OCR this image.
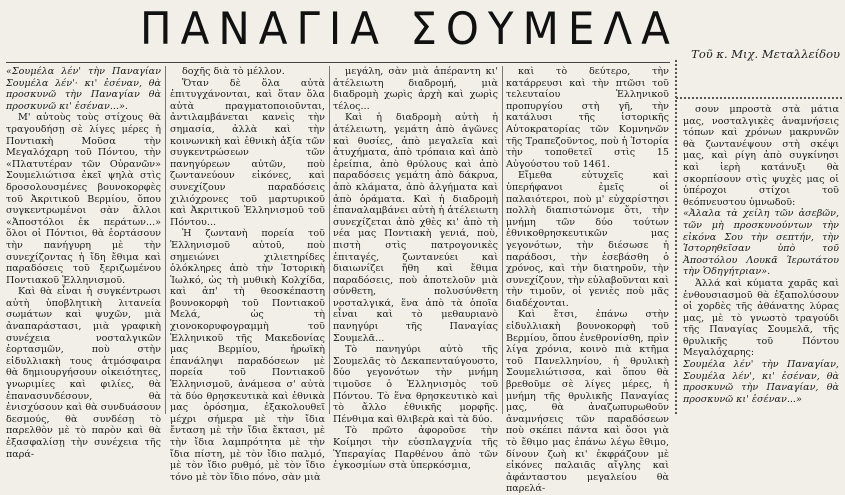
ΠΑΝΑΓΙΑ ΣΟΥΜΕΛΑ Τοῦ κ. Μιχ. Μεταλλείδου

«Σουμέλα λέν' τὴν Παναγίαν Σουμέλα λέν'· κι' ἐσέναν, θὰ προσκυνῶ τὴν Παναγίαν θὰ προσκυνῶ κι' ἐσέναν...».

Μ' αὐτοὺς τοὺς στίχους θὰ τραγουδήσῃ σὲ λίγες μέρες ἡ Ποντιακὴ Μοῦσα τὴν Μεγαλόχαρη τοῦ Πόντου, τὴν «Πλατυτέραν τῶν Οὐρανῶν» Σουμελιώτισα ἐκεῖ ψηλὰ στὶς δροσολουσμένες βουνοκορφὲς τοῦ Ἀκριτικοῦ Βερμίου, ὅπου συγκεντρωμένοι σὰν ἄλλοι «Ἀποστόλοι ἐκ περάτων...» ὅλοι οἱ Πόντιοι, θὰ ἑορτάσουν τὴν πανήγυρη μὲ τὴν συνεχίζοντας ἡ ἴδη ἔθιμα καὶ παραδόσεις τοῦ ξεριζωμένου Ποντιακοῦ Ἑλληνισμοῦ.

Καὶ θὰ εἶναι ἡ συγκέντρωσι αὐτὴ ὑποβλητικὴ λιτανεία σωμάτων καὶ ψυχῶν, μιὰ ἀναπαράστασι, μιὰ γραφικὴ συνέχεια νοσταλγικῶν ἑορτασμῶν, ποὺ στὴν εἰδυλλιακὴ τους ἀτμόσφαιρα θὰ δημιουργήσουν οἰκειότητες, γνωριμίες καὶ φιλίες, θὰ ἐπανασυνδέσουν, θὰ ἐνισχύσουν καὶ θὰ συνδυάσουν δεσμούς, θὰ συνδέσῃ τὸ παρελθὸν μὲ τὸ παρὸν καὶ θὰ ἐξασφαλίσῃ τὴν συνέχεια τῆς παρά-

δοχῆς διὰ τὸ μέλλον.

Ὅταν δὲ ὅλα αὐτὰ ἐπιτυγχάνονται, καὶ ὅταν ὅλα αὐτὰ πραγματοποιοῦνται, ἀντιλαμβάνεται κανεὶς τὴν σημασία, ἀλλὰ καὶ τὴν κοινωνικὴ καὶ ἐθνικὴ ἀξία τῶν συγκεντρώσεων τῶν πανηγύρεων αὐτῶν, ποὺ ζωντανεύουν εἰκόνες, καὶ συνεχίζουν παραδόσεις χιλιόχρονες τοῦ μαρτυρικοῦ καὶ Ἀκριτικοῦ Ἑλληνισμοῦ τοῦ Πόντου...

Ἡ ζωντανὴ πορεία τοῦ Ἑλληνισμοῦ αὐτοῦ, ποὺ σημειώνει χιλιετηρίδες ὁλόκληρες ἀπὸ τὴν Ἱστορικὴ Ἰωλκό, ὡς τὴ μυθικὴ Κολχίδα, καὶ ἀπ' τὴ θεοσκέπαστη βουνοκορφὴ τοῦ Ποντιακοῦ Μελά, ὡς τὴ χιονοκορυφογραμμὴ τοῦ Ἑλληνικοῦ τῆς Μακεδονίας μας Βερμίου, ἠρωϊκὴ ἐπανάληψι παραδόσεων μὲ πορεία τοῦ Ποντιακοῦ Ἑλληνισμοῦ, ἀνάμεσα σ' αὐτὰ τὰ δύο θρησκευτικὰ καὶ ἐθνικὰ μας ὁρόσημα, ἐξακολουθεῖ μέχρι σήμερα μὲ τὴν ἴδια ἔνταση μὲ τὴν ἴδια ἔκτασι, μὲ τὴν ἴδια λαμπρότητα μὲ τὴν ἴδια πίστη, μὲ τὸν ἴδιο παλμό, μὲ τὸν ἴδιο ρυθμό, μὲ τὸν ἴδιο τόνο μὲ τὸν ἴδιο πόνο, σὰν μιὰ

μεγάλη, σὰν μιὰ ἀπέραντη κι' ἀτέλειωτη διαδρομή, μιὰ διαδρομὴ χωρὶς ἀρχὴ καὶ χωρὶς τέλος...

Καὶ ἡ διαδρομὴ αὐτὴ ἡ ἀτέλειωτη, γεμάτη ἀπὸ ἀγῶνες καὶ θυσίες, ἀπὸ μεγαλεῖα καὶ ἀτυχήματα, ἀπὸ τρόπαια καὶ ἀπὸ ἐρείπια, ἀπὸ θρύλους καὶ ἀπὸ παραδόσεις γεμάτη ἀπὸ δάκρυα, ἀπὸ κλάματα, ἀπὸ ἀλγήματα καὶ ἀπὸ ὁράματα. Καὶ ἡ διαδρομὴ ἐπαναλαμβάνει αὐτὴ ἡ ἀτέλειωτη συνεχίζεται ἀπὸ χθὲς κι' ἀπὸ τὴ νέα μας Ποντιακὴ γενιά, ποὺ, πιστὴ στὶς πατρογονικὲς ἐπιταγές, ζωντανεύει καὶ διαιωνίζει ἤθη καὶ ἔθιμα παραδόσεις, ποὺ ἀποτελοῦν μιὰ σύνθετη, πολυσύνθετη νοσταλγικά, ἕνα ἀπὸ τὰ ὁποῖα εἶναι καὶ τὸ μεθαυριανὸ πανηγύρι τῆς Παναγίας Σουμελᾶ...

Τὸ πανηγύρι αὐτὸ τῆς Σουμελᾶς τὸ Δεκαπενταύγουστο, δύο γεγονότων τὴν μνήμη τιμοῦσε ὁ Ἑλληνισμὸς τοῦ Πόντου. Τὸ ἕνα θρησκευτικὸ καὶ τὸ ἄλλο ἐθνικῆς μορφῆς. Πένθιμα καὶ θλιβερὰ καὶ τὰ δύο.

Τὸ πρῶτο ἀφοροῦσε τὴν Κοίμησι τὴν εὐσπλαγχνία τῆς Ὑπεραγίας Παρθένου ἀπὸ τῶν ἐγκοσμίων στὰ ὑπερκόσμια,

καὶ τὸ δεύτερο, τὴν κατάρρευσι καὶ τὴν πτῶσι τοῦ τελευταίου Ἑλληνικοῦ προπυργίου στὴ γῆ, τὴν κατάλυσι τῆς ἱστορικῆς Αὐτοκρατορίας τῶν Κομνηνῶν τῆς Τραπεζοῦντος, ποὺ ἡ Ἱστορία τὴν τοποθετεῖ στὶς 15 Αὐγούστου τοῦ 1461.

Εἴμεθα εὐτυχεῖς καὶ ὑπερήφανοι ἐμεῖς οἱ παλαιότεροι, ποὺ μ' εὐχαρίστησι πολλὴ διαπιστώνομε ὅτι, τὴν μνήμη τῶν δύο τούτων ἐθνικοθρησκευτικῶν μας γεγονότων, τὴν διέσωσε ἡ παράδοσι, τὴν ἐσεβάσθη ὁ χρόνος, καὶ τὴν διατηροῦν, τὴν συνεχίζουν, τὴν εὐλαβοῦνται καὶ τὴν τιμοῦν, οἱ γενιὲς ποὺ μᾶς διαδέχονται.

Καὶ ἔτσι, ἐπάνω στὴν εἰδυλλιακὴ βουνοκορφὴ τοῦ Βερμίου, ὅπου ἐνεθρονίσθη, πρὶν λίγα χρόνια, κοινὸ πιὰ κτῆμα τοῦ Πανελληνίου, ἡ θρυλικὴ Σουμελιώτισσα, καὶ ὅπου θὰ βρεθοῦμε σὲ λίγες μέρες, ἡ μνήμη τῆς θρυλικῆς Παναγίας μας, θὰ ἀναζωπυρωθοῦν ἀναμνήσεις τῶν παραδόσεων ποὺ σκέπει πάντα καὶ ὅσοι γιὰ τὸ ἔθιμο μας ἐπάνω λέγω ἔθιμο, δίνουν ζωὴ κι' ἐκφράζουν μὲ εἰκόνες παλαιᾶς αἴγλης καὶ ἀφάνταστου μεγαλείου θὰ παρελά-

σουν μπροστὰ στὰ μάτια μας, νοσταλγικὲς ἀναμνήσεις τόπων καὶ χρόνων μακρυνῶν θὰ ζωντανέψουν στὴ σκέψι μας, καὶ ρίγη ἀπὸ συγκίνησι καὶ ἱερὴ κατάνυξι θὰ σκορπίσουν στὶς ψυχὲς μας οἱ ὑπέροχοι στίχοι τοῦ θεόπνευστου ὑμνωδοῦ:

«Ἀλαλα τὰ χείλη τῶν ἀσεβῶν, τῶν μὴ προσκυνούντων τὴν εἰκόνα Σου τὴν σεπτήν, τὴν Ἱστορηθεῖσαν ὑπὸ τοῦ Ἀποστόλου Λουκᾶ Ἱερωτάτου τὴν Ὁδηγήτριαν».

Ἀλλά καὶ κύματα χαρᾶς καὶ ἐνθουσιασμοῦ θὰ ἐξαπολύσουν οἱ χορδὲς τῆς ἀθάνατης λύρας μας, μὲ τὸ γνωστὸ τραγούδι τῆς Παναγίας Σουμελᾶ, τῆς θρυλικῆς τοῦ Πόντου Μεγαλόχαρης:

Σουμέλα λέν' τὴν Παναγίαν, Σουμέλα λέν', κι' ἐσέναν, θὰ προσκυνῶ τὴν Παναγίαν, θὰ προσκυνῶ κι' ἐσέναν...»
